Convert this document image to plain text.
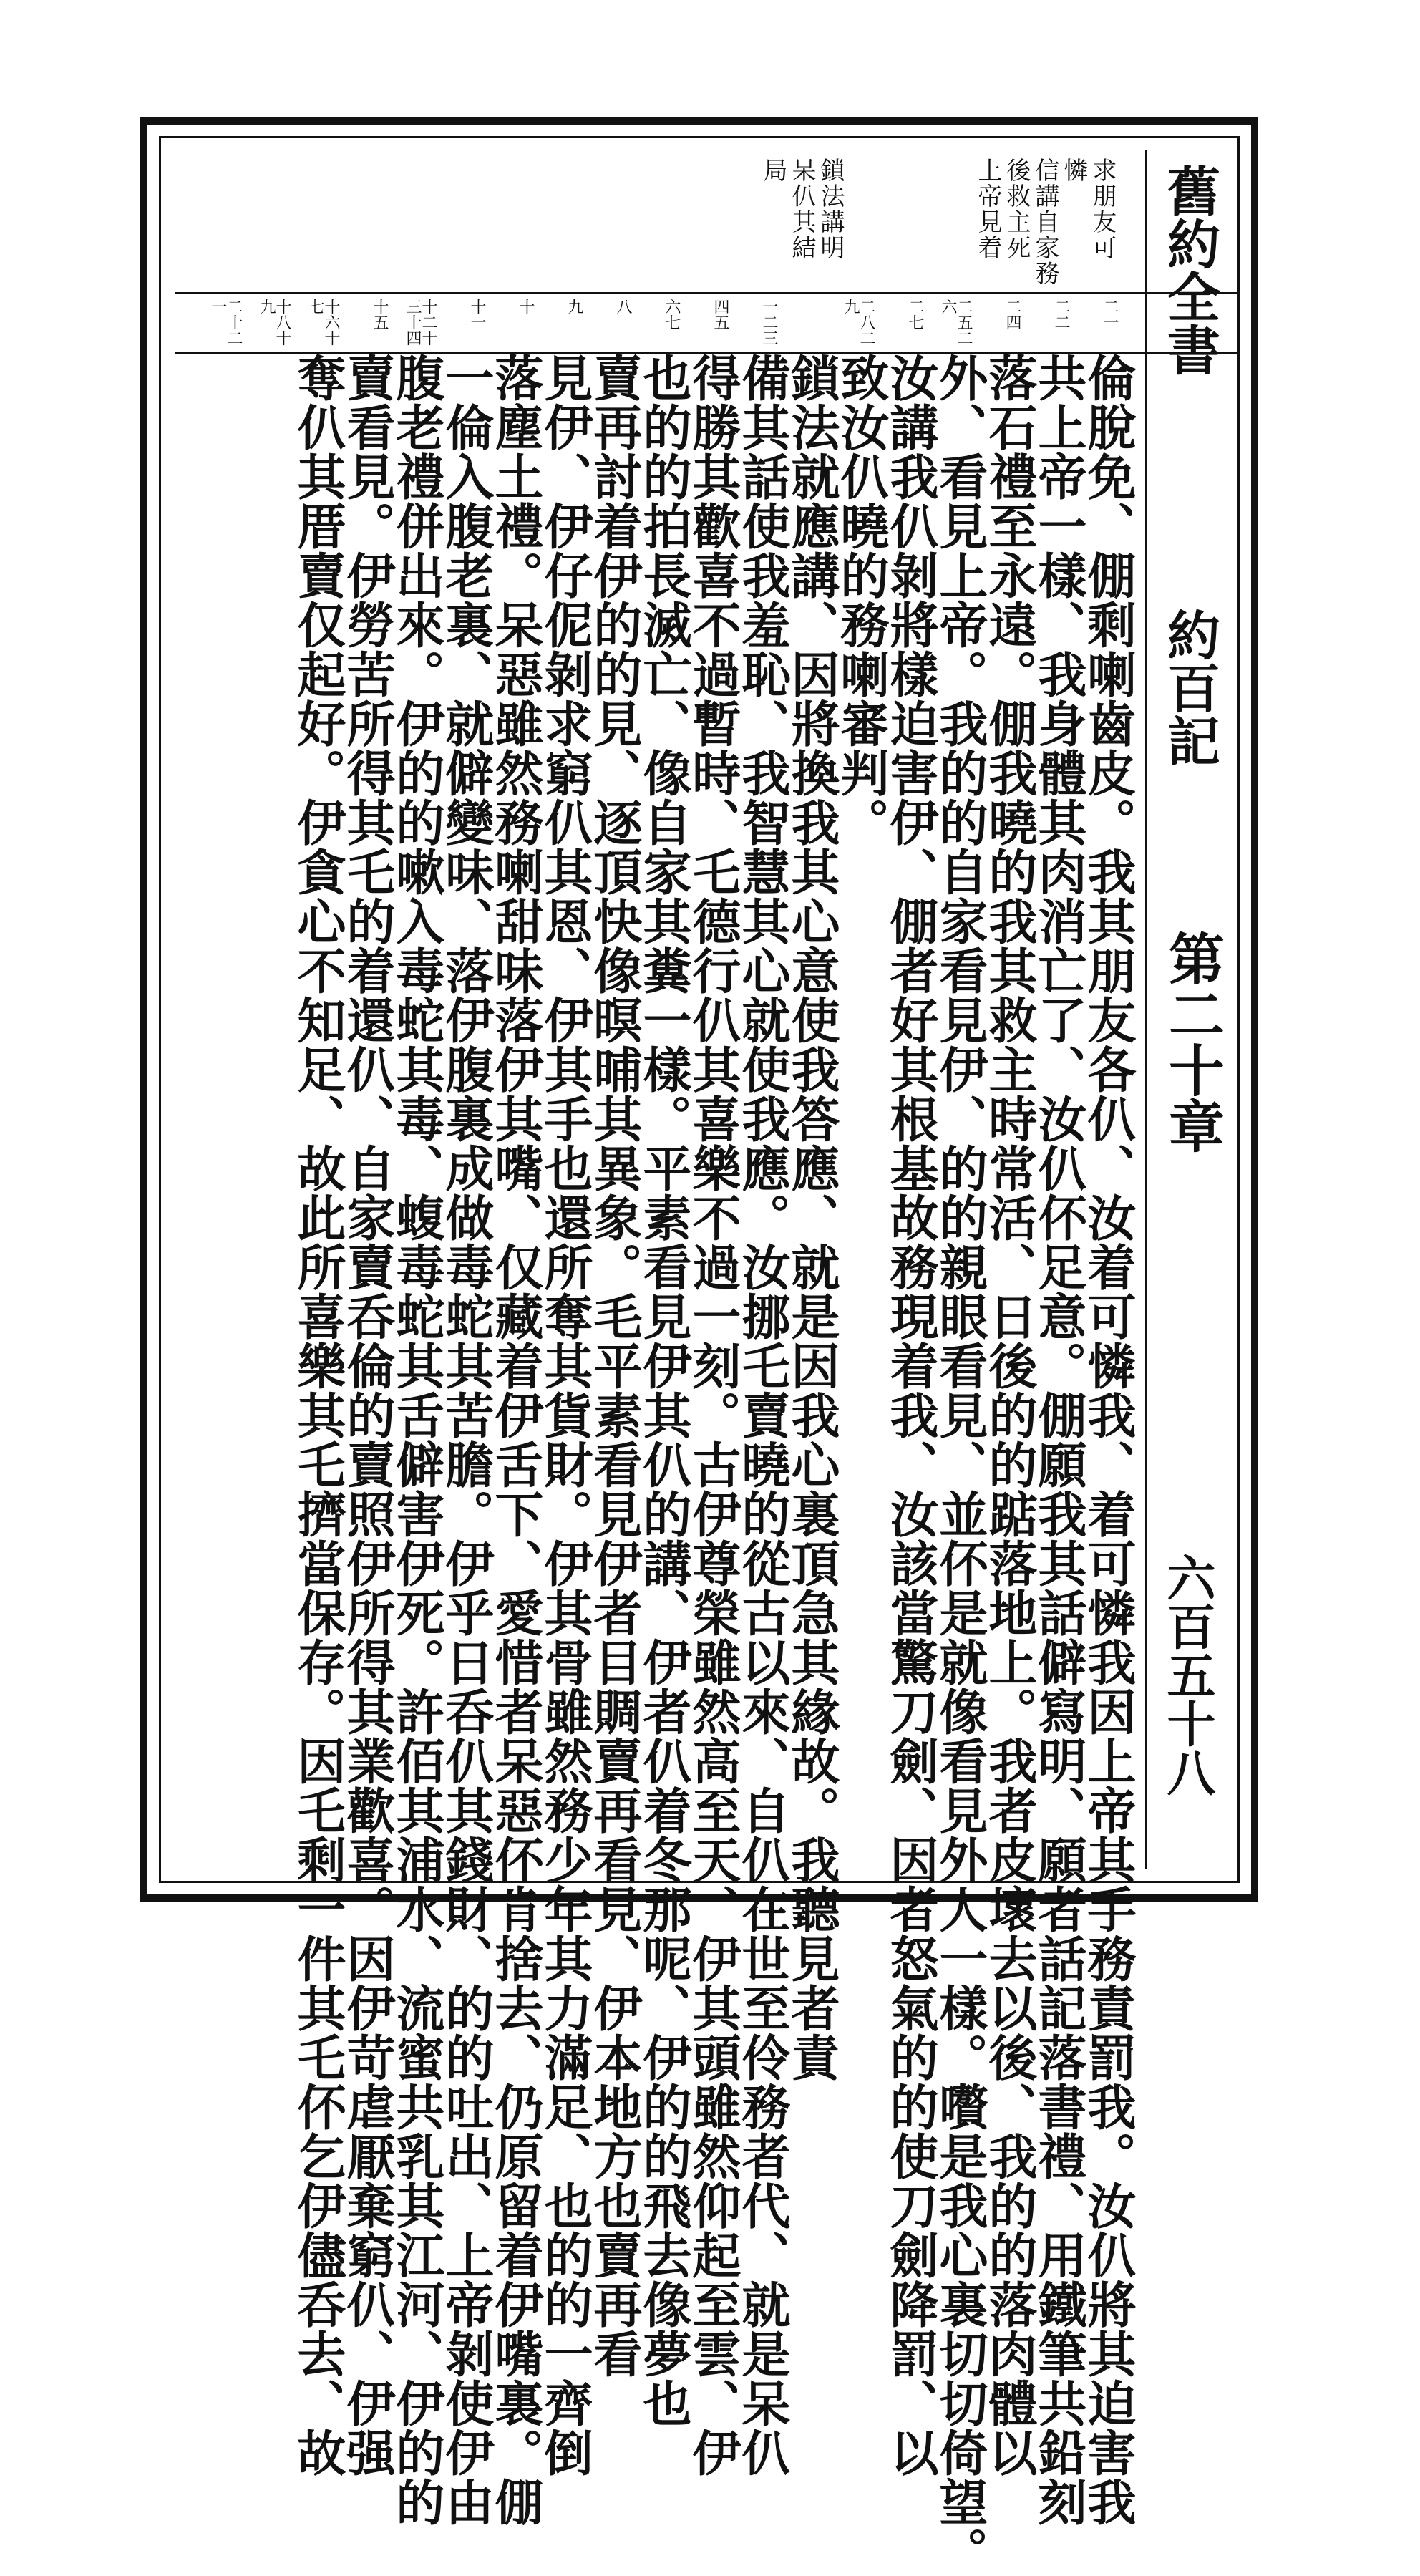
求朋友可
憐
信講自家務
後救主死
上帝見着
鎖法講明
呆仈其結
局
二一
二二
二四
二五二六
二七
二八二九
一二三
四五
六七
八
九
十
十一
十二十三十四
十五
十六十七
十八十九
二十二一
倫脫免、倗剩喇齒皮。我其朋友各仈、汝着可憐我、着可憐我因上帝其手務責罰我。汝仈將其迫害我
共上帝一樣、我身體其肉消亡了、汝仈伓足意。倗願我其話僻寫明、願者話記落書禮、用鐵筆共鉛刻
落石禮至永遠。倗我曉的我其救主時常活、日後的的踮落地上。我者皮壞去以後、我的的落肉體以
外、看見上帝。我的的自家看見伊、的的親眼看見、並伓是就像看見外人一樣。嚽是我心裏切切倚望。
汝講我仈剝將樣迫害伊、倗者好其根基故務現着我、汝該當驚刀劍、因者怒氣的的使刀劍降罰、以
致汝仈曉的務喇審判。
鎖法就應講、因將換我其心意使我答應、就是因我心裏頂急其緣故。我聽見者責
備其話使我羞恥、我智慧其心就使我應。汝挪乇賣曉的從古以來、自仈在世至伶務者代、就是呆仈
得勝其歡喜不過暫時、乇德行仈其喜樂不過一刻。古伊尊榮雖然高至天、伊其頭雖然仰起至雲、伊
也的的拍長滅亡、像自家其糞一樣。平素看見伊其仈的講、伊者仈着冬那呢、伊的的飛去像夢也
賣再討着伊的的見、逐頂快像暝晡其異象。毛平素看見伊者目賙賣再看見、伊本地方也賣再看
見伊、伊仔伲剝求窮仈其恩、伊其手也還所奪其貨財。伊其骨雖然務少年其力滿足、也的的一齊倒
落塵土禮。呆惡雖然務喇甜味落伊其嘴、仅藏着伊舌下、愛惜者呆惡伓肯捨去、仍原留着伊嘴裏。倗
一倫入腹老裏、就僻變味、落伊腹裏成做毒蛇其苦膽。伊乎日呑仈其錢財、的的吐出、上帝剝使伊由
腹老禮併出來。伊的的嗽入毒蛇其毒、蝮毒蛇其舌僻害伊死。許佰其浦水、流蜜共乳其江河、伊的的
賣看見。伊勞苦所得其乇的着還仈、自家賣呑倫的賣照伊所得其業歡喜。因伊苛虐厭棄窮仈、伊强
奪仈其厝賣仅起好。伊貪心不知足、故此所喜樂其乇擠當保存。因乇剩一件其乇伓乞伊儘呑去、故
舊約全書
約百記
第二十章
六百五十八
